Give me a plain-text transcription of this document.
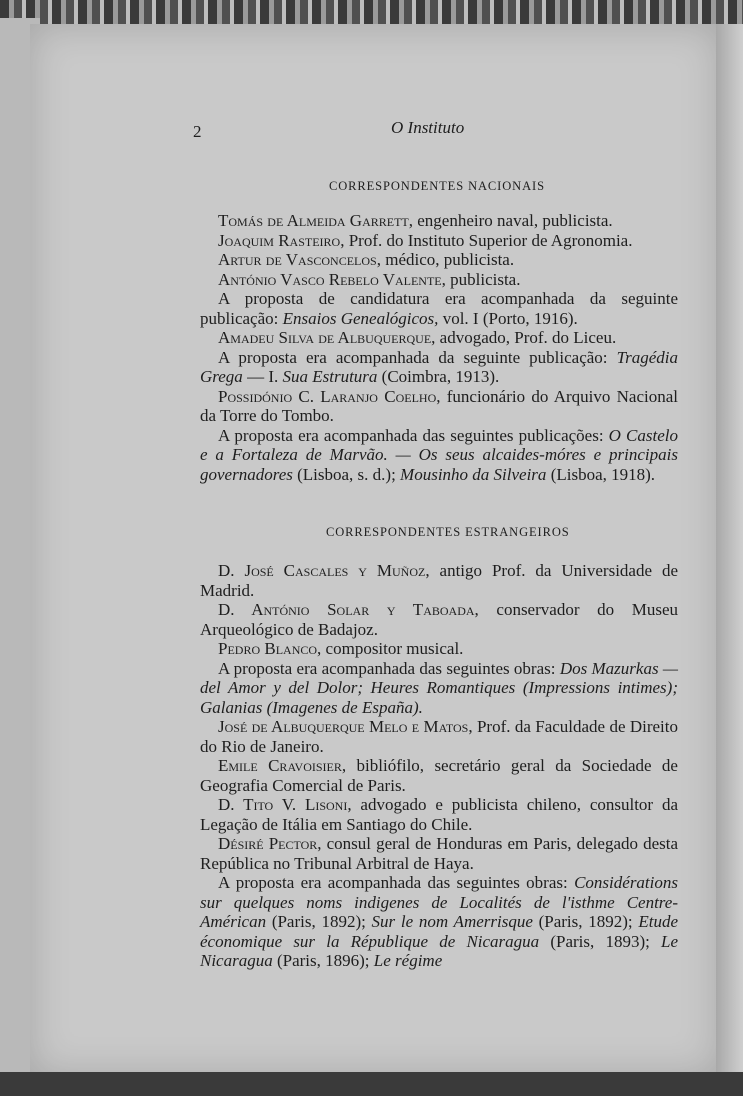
2	O Instituto
CORRESPONDENTES NACIONAIS

Tomás de Almeida Garrett, engenheiro naval, publicista.

Joaquim Rasteiro, Prof. do Instituto Superior de Agronomia.

Artur de Vasconcelos, médico, publicista.

António Vasco Rebelo Valente, publicista.

A proposta de candidatura era acompanhada da seguinte publicação: Ensaios Genealógicos, vol. I (Porto, 1916).

Amadeu Silva de Albuquerque, advogado, Prof. do Liceu.

A proposta era acompanhada da seguinte publicação: Tragédia Grega — I. Sua Estrutura (Coimbra, 1913).

Possidónio C. Laranjo Coelho, funcionário do Arquivo Nacional da Torre do Tombo.

A proposta era acompanhada das seguintes publicações: O Castelo e a Fortaleza de Marvão. — Os seus alcaides-móres e principais governadores (Lisboa, s. d.); Mousinho da Silveira (Lisboa, 1918).

CORRESPONDENTES ESTRANGEIROS

D. José Cascales y Muñoz, antigo Prof. da Universidade de Madrid.

D. António Solar y Taboada, conservador do Museu Arqueológico de Badajoz.

Pedro Blanco, compositor musical.

A proposta era acompanhada das seguintes obras: Dos Mazurkas — del Amor y del Dolor; Heures Romantiques (Impressions intimes); Galanias (Imagenes de España).

José de Albuquerque Melo e Matos, Prof. da Faculdade de Direito do Rio de Janeiro.

Emile Cravoisier, bibliófilo, secretário geral da Sociedade de Geografia Comercial de Paris.

D. Tito V. Lisoni, advogado e publicista chileno, consultor da Legação de Itália em Santiago do Chile.

Désiré Pector, consul geral de Honduras em Paris, delegado desta República no Tribunal Arbitral de Haya.

A proposta era acompanhada das seguintes obras: Considérations sur quelques noms indigenes de Localités de l'isthme Centre-Américan (Paris, 1892); Sur le nom Amerrisque (Paris, 1892); Etude économique sur la République de Nicaragua (Paris, 1893); Le Nicaragua (Paris, 1896); Le régime
